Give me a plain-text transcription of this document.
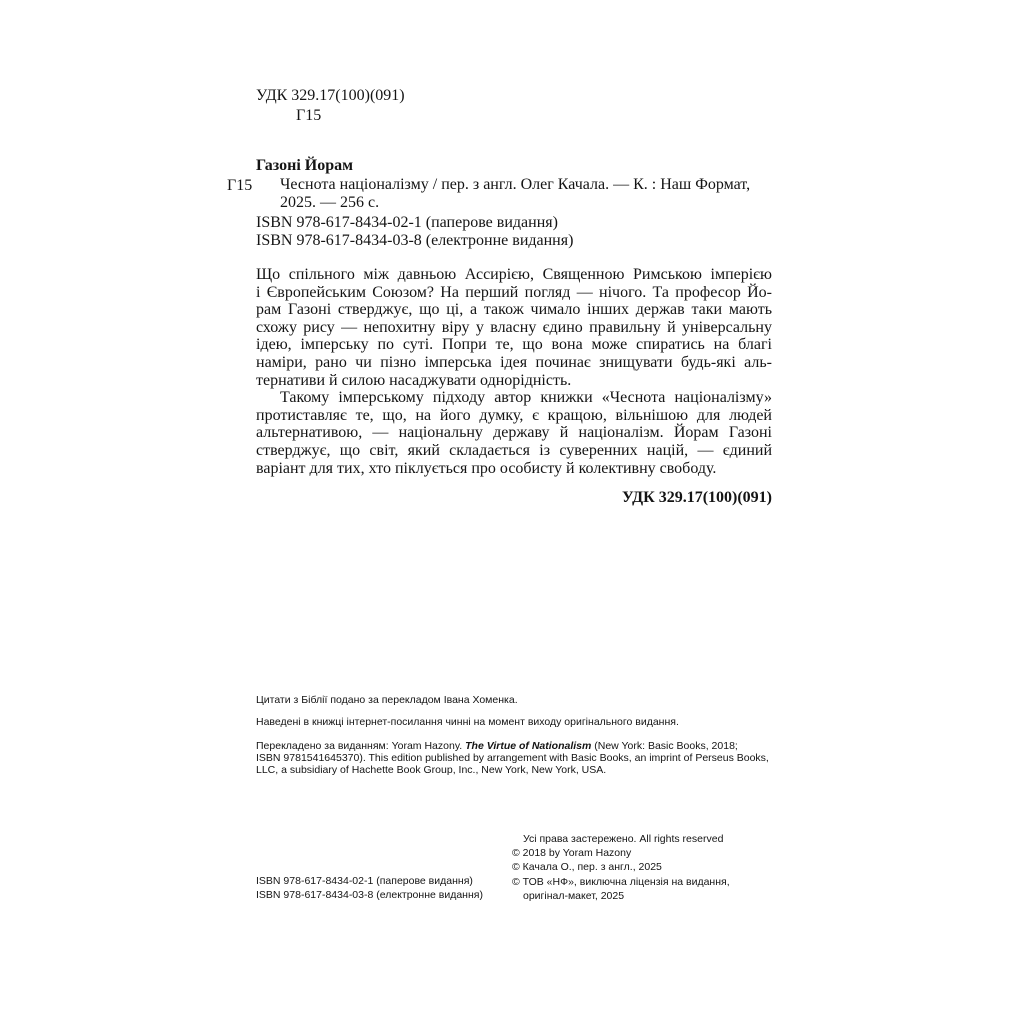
УДК 329.17(100)(091)
Г15
Газоні Йорам
Г15 Чеснота націоналізму / пер. з англ. Олег Качала. — К. : Наш Формат,
2025. — 256 с.
ISBN 978-617-8434-02-1 (паперове видання)
ISBN 978-617-8434-03-8 (електронне видання)
Що спільного між давньою Ассирією, Священною Римською імперією
і Європейським Союзом? На перший погляд — нічого. Та професор Йо-
рам Газоні стверджує, що ці, а також чимало інших держав таки мають
схожу рису — непохитну віру у власну єдино правильну й універсальну
ідею, імперську по суті. Попри те, що вона може спиратись на благі
наміри, рано чи пізно імперська ідея починає знищувати будь-які аль-
тернативи й силою насаджувати однорідність.
Такому імперському підходу автор книжки «Чеснота націоналізму»
протиставляє те, що, на його думку, є кращою, вільнішою для людей
альтернативою, — національну державу й націоналізм. Йорам Газоні
стверджує, що світ, який складається із суверенних націй, — єдиний
варіант для тих, хто піклується про особисту й колективну свободу.
УДК 329.17(100)(091)
Цитати з Біблії подано за перекладом Івана Хоменка.
Наведені в книжці інтернет-посилання чинні на момент виходу оригінального видання.
Перекладено за виданням: Yoram Hazony. The Virtue of Nationalism (New York: Basic Books, 2018;
ISBN 9781541645370). This edition published by arrangement with Basic Books, an imprint of Perseus Books,
LLC, a subsidiary of Hachette Book Group, Inc., New York, New York, USA.
Усі права застережено. All rights reserved
© 2018 by Yoram Hazony
© Качала О., пер. з англ., 2025
© ТОВ «НФ», виключна ліцензія на видання,
оригінал-макет, 2025
ISBN 978-617-8434-02-1 (паперове видання)
ISBN 978-617-8434-03-8 (електронне видання)
